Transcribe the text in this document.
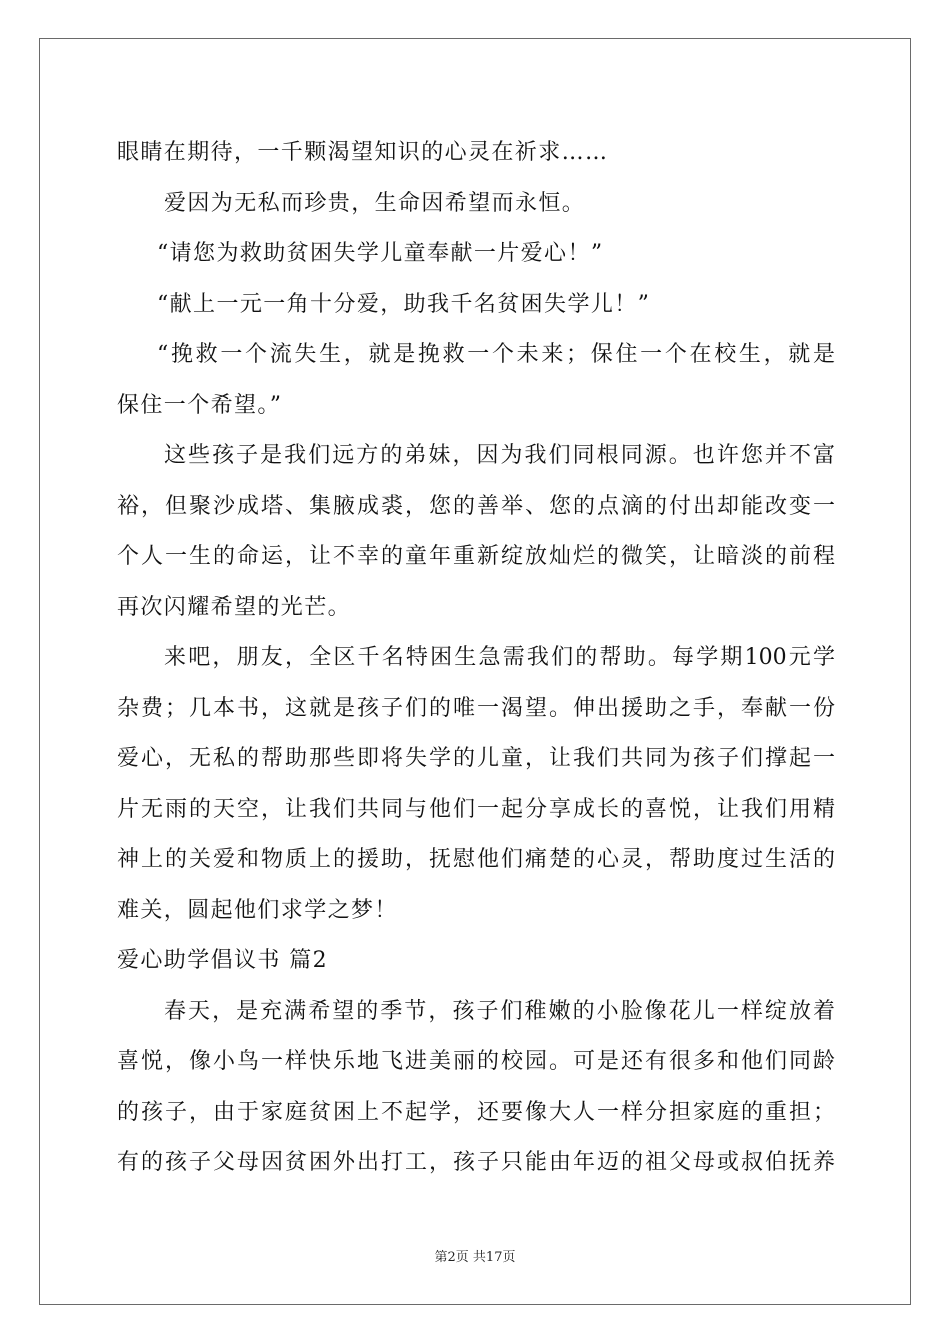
眼睛在期待，一千颗渴望知识的心灵在祈求……
爱因为无私而珍贵，生命因希望而永恒。
“请您为救助贫困失学儿童奉献一片爱心！”
“献上一元一角十分爱，助我千名贫困失学儿！”
“挽救一个流失生，就是挽救一个未来；保住一个在校生，就是
保住一个希望。”
这些孩子是我们远方的弟妹，因为我们同根同源。也许您并不富
裕，但聚沙成塔、集腋成裘，您的善举、您的点滴的付出却能改变一
个人一生的命运，让不幸的童年重新绽放灿烂的微笑，让暗淡的前程
再次闪耀希望的光芒。
来吧，朋友，全区千名特困生急需我们的帮助。每学期100元学
杂费；几本书，这就是孩子们的唯一渴望。伸出援助之手，奉献一份
爱心，无私的帮助那些即将失学的儿童，让我们共同为孩子们撑起一
片无雨的天空，让我们共同与他们一起分享成长的喜悦，让我们用精
神上的关爱和物质上的援助，抚慰他们痛楚的心灵，帮助度过生活的
难关，圆起他们求学之梦！
爱心助学倡议书 篇2
春天，是充满希望的季节，孩子们稚嫩的小脸像花儿一样绽放着
喜悦，像小鸟一样快乐地飞进美丽的校园。可是还有很多和他们同龄
的孩子，由于家庭贫困上不起学，还要像大人一样分担家庭的重担；
有的孩子父母因贫困外出打工，孩子只能由年迈的祖父母或叔伯抚养
第2页 共17页
